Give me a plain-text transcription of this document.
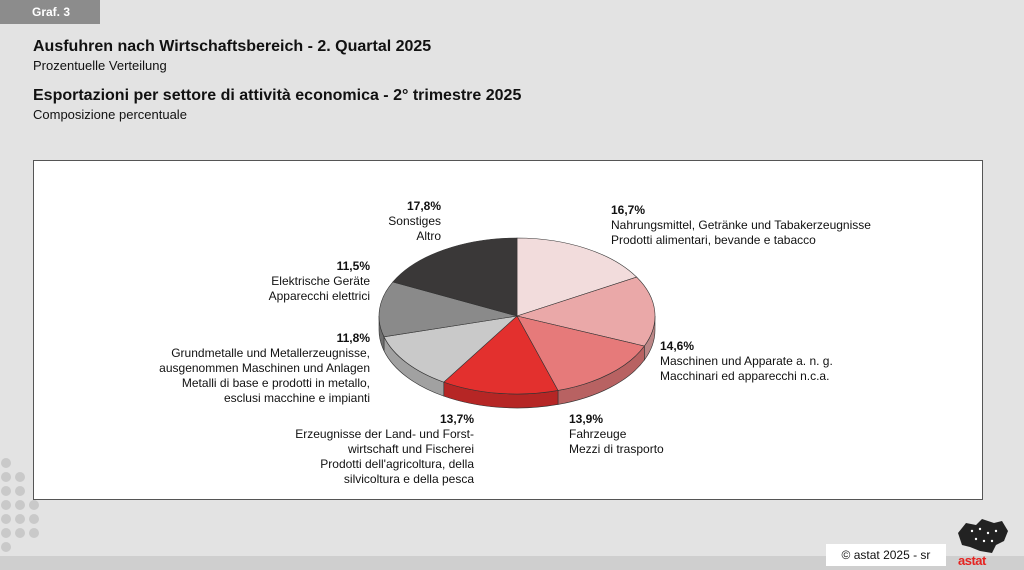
Graf. 3
Ausfuhren nach Wirtschaftsbereich - 2. Quartal 2025
Prozentuelle Verteilung
Esportazioni per settore di attività economica - 2° trimestre 2025
Composizione percentuale
16,7%
Nahrungsmittel, Getränke und Tabakerzeugnisse
Prodotti alimentari, bevande e tabacco
14,6%
Maschinen und Apparate a. n. g.
Macchinari ed apparecchi n.c.a.
13,9%
Fahrzeuge
Mezzi di trasporto
13,7%
Erzeugnisse der Land- und Forst-
wirtschaft und Fischerei
Prodotti dell'agricoltura, della
silvicoltura e della pesca
11,8%
Grundmetalle und Metallerzeugnisse,
ausgenommen Maschinen und Anlagen
Metalli di base e prodotti in metallo,
esclusi macchine e impianti
11,5%
Elektrische Geräte
Apparecchi elettrici
17,8%
Sonstiges
Altro
© astat 2025 - sr	astat
